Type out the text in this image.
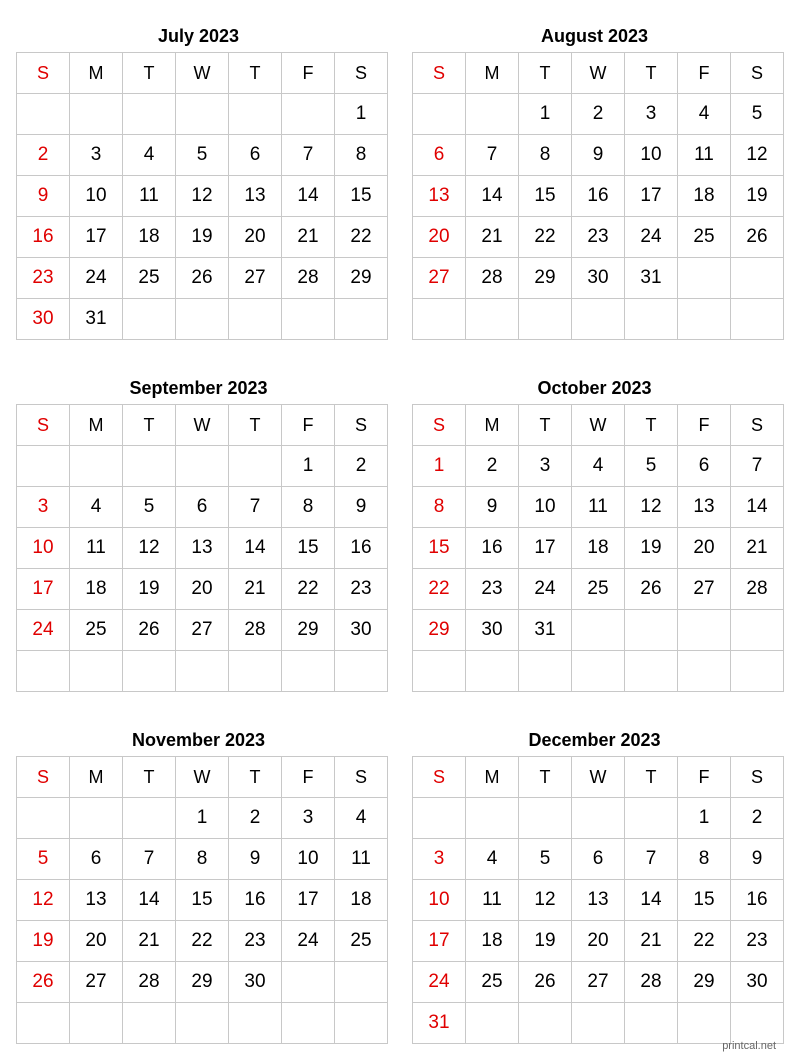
July 2023
S	M	T	W	T	F	S
						1
2	3	4	5	6	7	8
9	10	11	12	13	14	15
16	17	18	19	20	21	22
23	24	25	26	27	28	29
30	31					
August 2023
S	M	T	W	T	F	S
		1	2	3	4	5
6	7	8	9	10	11	12
13	14	15	16	17	18	19
20	21	22	23	24	25	26
27	28	29	30	31		

September 2023
S	M	T	W	T	F	S
					1	2
3	4	5	6	7	8	9
10	11	12	13	14	15	16
17	18	19	20	21	22	23
24	25	26	27	28	29	30

October 2023
S	M	T	W	T	F	S
1	2	3	4	5	6	7
8	9	10	11	12	13	14
15	16	17	18	19	20	21
22	23	24	25	26	27	28
29	30	31				

November 2023
S	M	T	W	T	F	S
			1	2	3	4
5	6	7	8	9	10	11
12	13	14	15	16	17	18
19	20	21	22	23	24	25
26	27	28	29	30		

December 2023
S	M	T	W	T	F	S
					1	2
3	4	5	6	7	8	9
10	11	12	13	14	15	16
17	18	19	20	21	22	23
24	25	26	27	28	29	30
31						
printcal.net
